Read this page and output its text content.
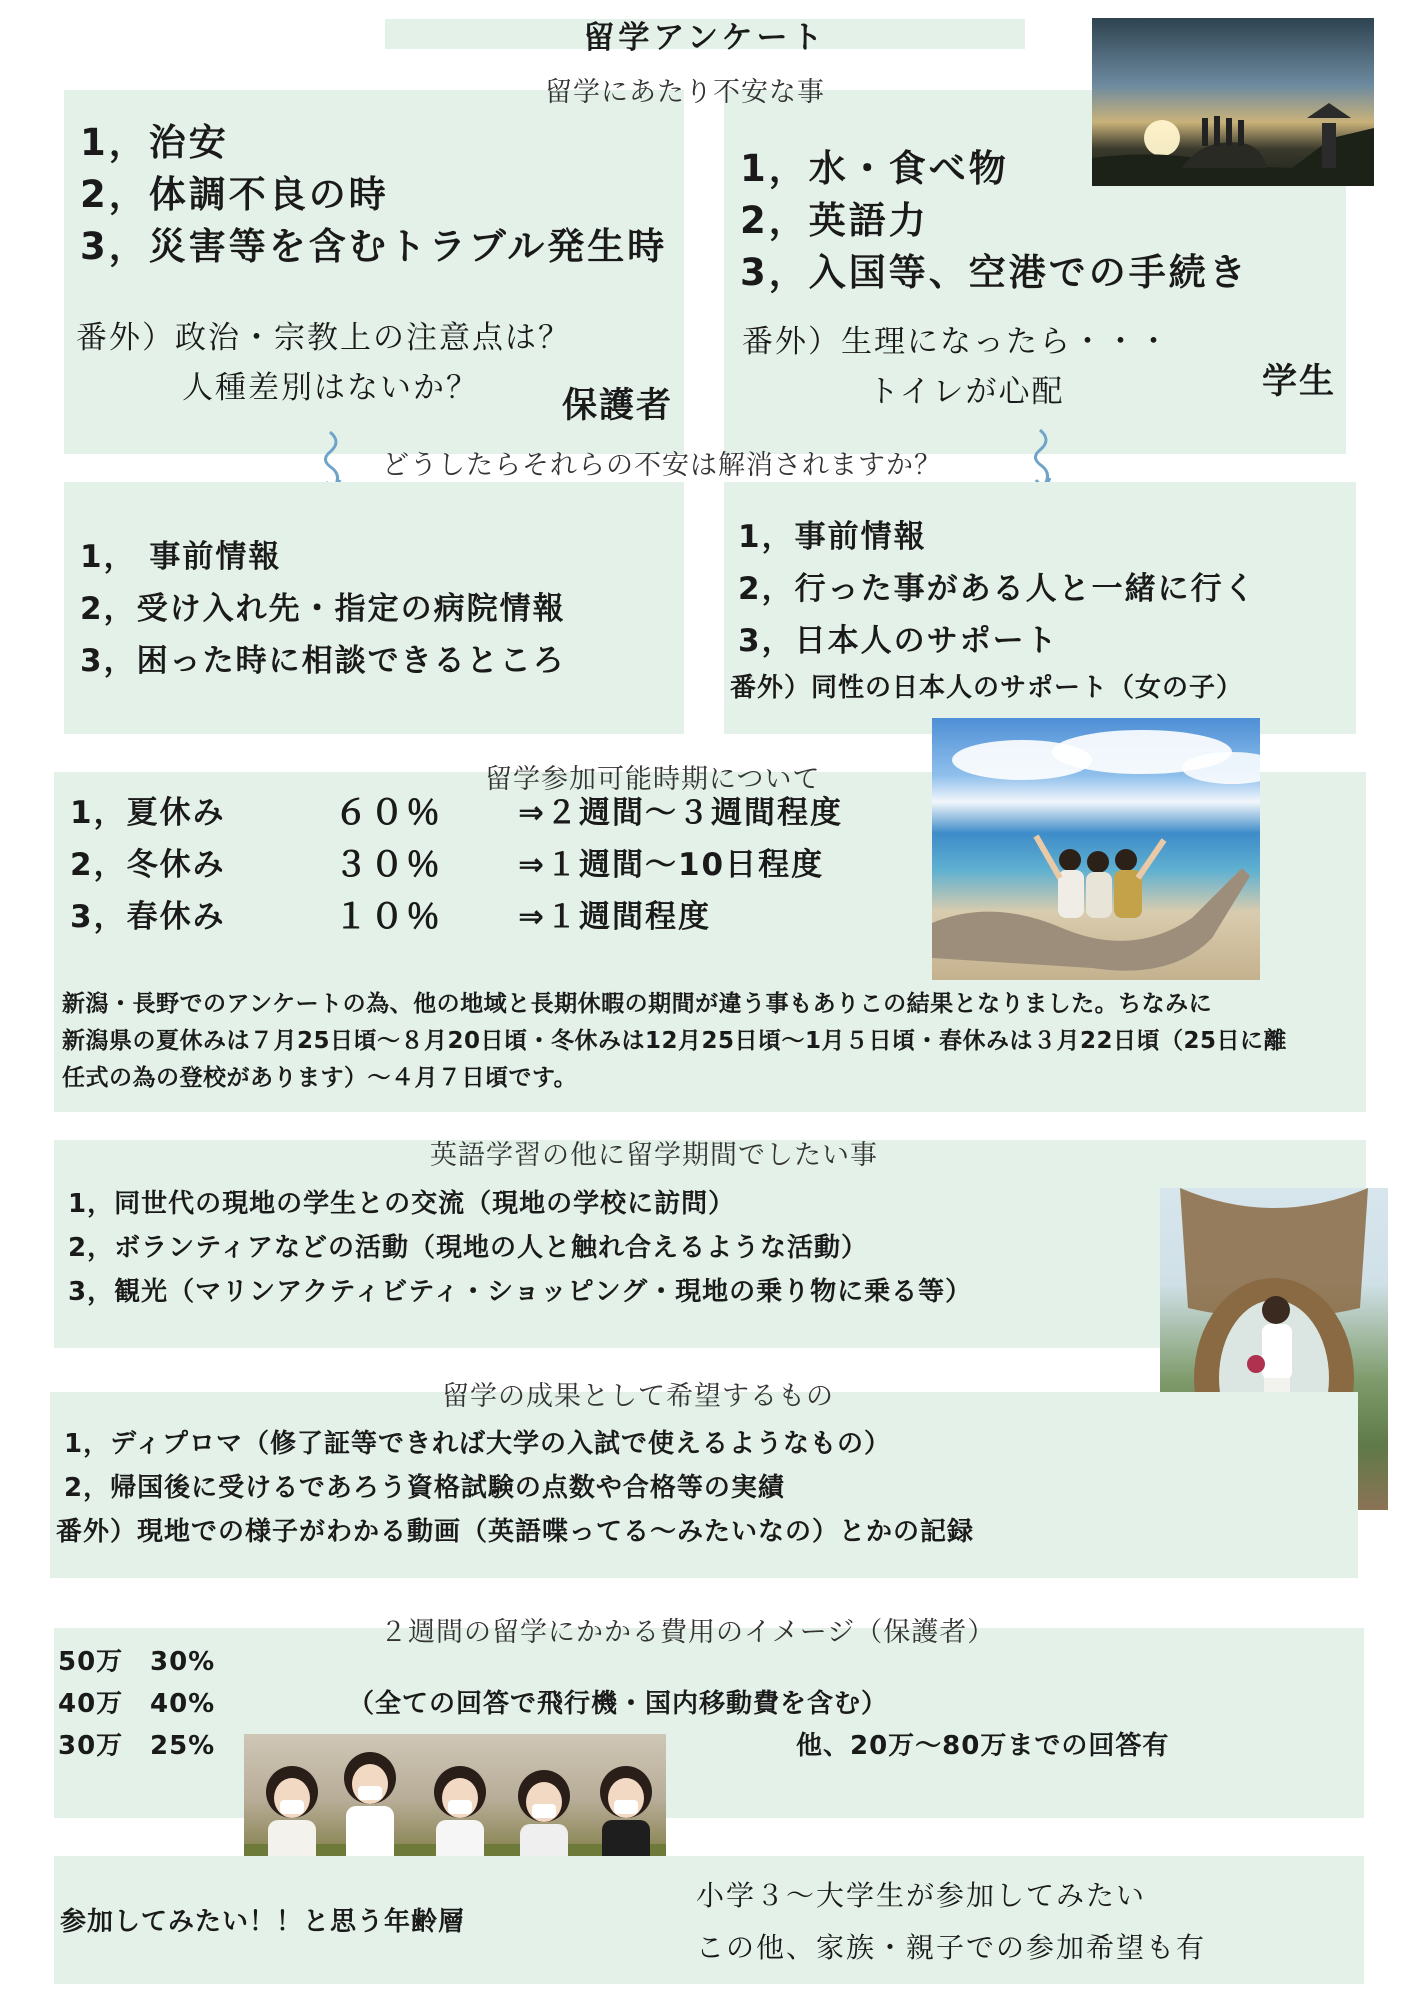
留学アンケート
留学にあたり不安な事
1，治安
2，体調不良の時
3，災害等を含むトラブル発生時
番外）政治・宗教上の注意点は？
人種差別はないか？ 保護者
1，水・食べ物
2，英語力
3，入国等、空港での手続き
番外）生理になったら・・・
トイレが心配	学生
どうしたらそれらの不安は解消されますか？
1， 事前情報
2，受け入れ先・指定の病院情報
3，困った時に相談できるところ
1，事前情報
2，行った事がある人と一緒に行く
3，日本人のサポート
番外）同性の日本人のサポート（女の子）
留学参加可能時期について
1，夏休み	６０％ ⇒２週間〜３週間程度
2，冬休み	３０％ ⇒１週間〜10日程度
3，春休み	１０％ ⇒１週間程度
新潟・長野でのアンケートの為、他の地域と長期休暇の期間が違う事もありこの結果となりました。ちなみに
新潟県の夏休みは７月25日頃〜８月20日頃・冬休みは12月25日頃〜1月５日頃・春休みは３月22日頃（25日に離
任式の為の登校があります）〜４月７日頃です。
英語学習の他に留学期間でしたい事
1，同世代の現地の学生との交流（現地の学校に訪問）
2，ボランティアなどの活動（現地の人と触れ合えるような活動）
3，観光（マリンアクティビティ・ショッピング・現地の乗り物に乗る等）
留学の成果として希望するもの
1，ディプロマ（修了証等できれば大学の入試で使えるようなもの）
2，帰国後に受けるであろう資格試験の点数や合格等の実績
番外）現地での様子がわかる動画（英語喋ってる〜みたいなの）とかの記録
２週間の留学にかかる費用のイメージ（保護者）
50万 30%
40万 40%
30万 25%
（全ての回答で飛行機・国内移動費を含む）
他、20万〜80万までの回答有
参加してみたい！！と思う年齢層
小学３〜大学生が参加してみたい
この他、家族・親子での参加希望も有
